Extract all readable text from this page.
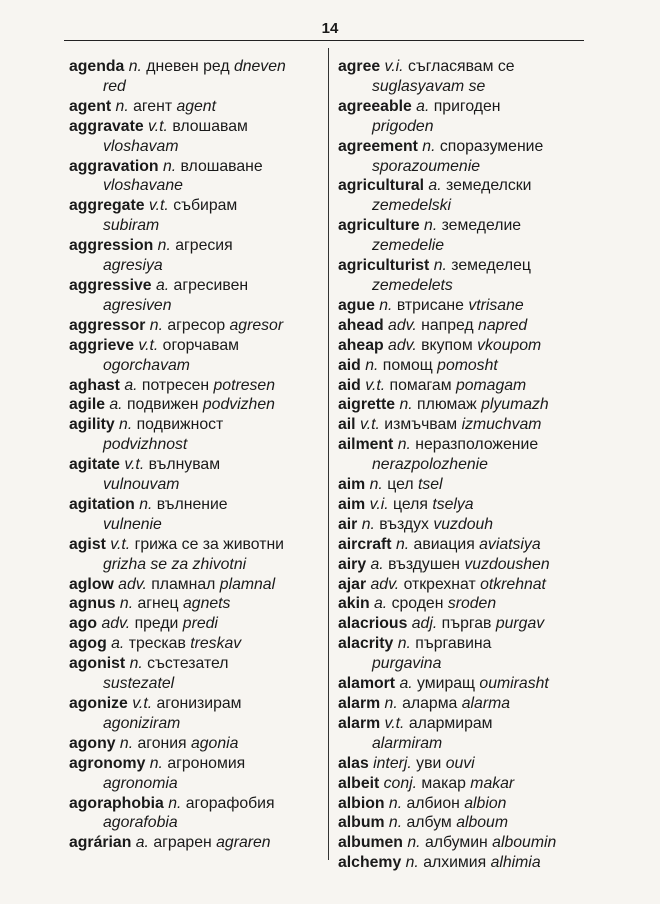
14
agenda n. дневен ред dneven
red
agent n. агент agent
aggravate v.t. влошавам
vloshavam
aggravation n. влошаване
vloshavane
aggregate v.t. събирам
subiram
aggression n. агресия
agresiya
aggressive a. агресивен
agresiven
aggressor n. агресор agresor
aggrieve v.t. огорчавам
ogorchavam
aghast a. потресен potresen
agile a. подвижен podvizhen
agility n. подвижност
podvizhnost
agitate v.t. вълнувам
vulnouvam
agitation n. вълнение
vulnenie
agist v.t. грижа се за животни
grizha se za zhivotni
aglow adv. пламнал plamnal
agnus n. агнец agnets
ago adv. преди predi
agog a. трескав treskav
agonist n. състезател
sustezatel
agonize v.t. агонизирам
agoniziram
agony n. агония agonia
agronomy n. агрономия
agronomia
agoraphobia n. агорафобия
agorafobia
agrárian a. аграрен agraren
agree v.i. съгласявам се
suglasyavam se
agreeable a. пригоден
prigoden
agreement n. споразумение
sporazoumenie
agricultural a. земеделски
zemedelski
agriculture n. земеделие
zemedelie
agriculturist n. земеделец
zemedelets
ague n. втрисане vtrisane
ahead adv. напред napred
aheap adv. вкупом vkoupom
aid n. помощ pomosht
aid v.t. помагам pomagam
aigrette n. плюмаж plyumazh
ail v.t. измъчвам izmuchvam
ailment n. неразположение
nerazpolozhenie
aim n. цел tsel
aim v.i. целя tselya
air n. въздух vuzdouh
aircraft n. авиация aviatsiya
airy a. въздушен vuzdoushen
ajar adv. открехнат otkrehnat
akin a. сроден sroden
alacrious adj. пъргав purgav
alacrity n. пъргавина
purgavina
alamort a. умиращ oumirasht
alarm n. аларма alarma
alarm v.t. алармирам
alarmiram
alas interj. уви ouvi
albeit conj. макар makar
albion n. албион albion
album n. албум alboum
albumen n. албумин alboumin
alchemy n. алхимия alhimia
